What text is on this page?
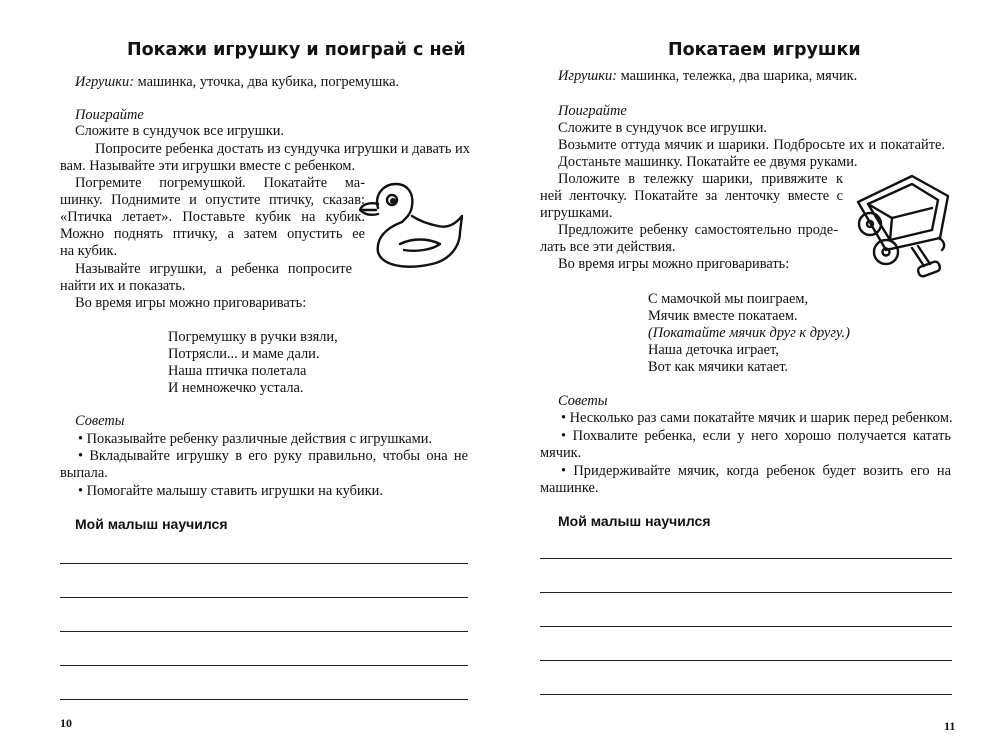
Покажи игрушку и поиграй с ней
Игрушки: машинка, уточка, два кубика, погремушка.
Поиграйте
Сложите в сундучок все игрушки.
Попросите ребенка достать из сундучка игрушки и давать их
вам. Называйте эти игрушки вместе с ребенком.
Погремите погремушкой. Покатайте ма-
шинку. Поднимите и опустите птичку, сказав:
«Птичка летает». Поставьте кубик на кубик.
Можно поднять птичку, а затем опустить ее
на кубик.
Называйте игрушки, а ребенка попросите
найти их и показать.
Во время игры можно приговаривать:
Погремушку в ручки взяли,
Потрясли... и маме дали.
Наша птичка полетала
И немножечко устала.
Советы
• Показывайте ребенку различные действия с игрушками.
• Вкладывайте игрушку в его руку правильно, чтобы она не
выпала.
• Помогайте малышу ставить игрушки на кубики.
Мой малыш научился
10
Покатаем игрушки
Игрушки: машинка, тележка, два шарика, мячик.
Поиграйте
Сложите в сундучок все игрушки.
Возьмите оттуда мячик и шарики. Подбросьте их и покатайте.
Достаньте машинку. Покатайте ее двумя руками.
Положите в тележку шарики, привяжите к
ней ленточку. Покатайте за ленточку вместе с
игрушками.
Предложите ребенку самостоятельно проде-
лать все эти действия.
Во время игры можно приговаривать:
С мамочкой мы поиграем,
Мячик вместе покатаем.
(Покатайте мячик друг к другу.)
Наша деточка играет,
Вот как мячики катает.
Советы
• Несколько раз сами покатайте мячик и шарик перед ребенком.
• Похвалите ребенка, если у него хорошо получается катать
мячик.
• Придерживайте мячик, когда ребенок будет возить его на
машинке.
Мой малыш научился
11
